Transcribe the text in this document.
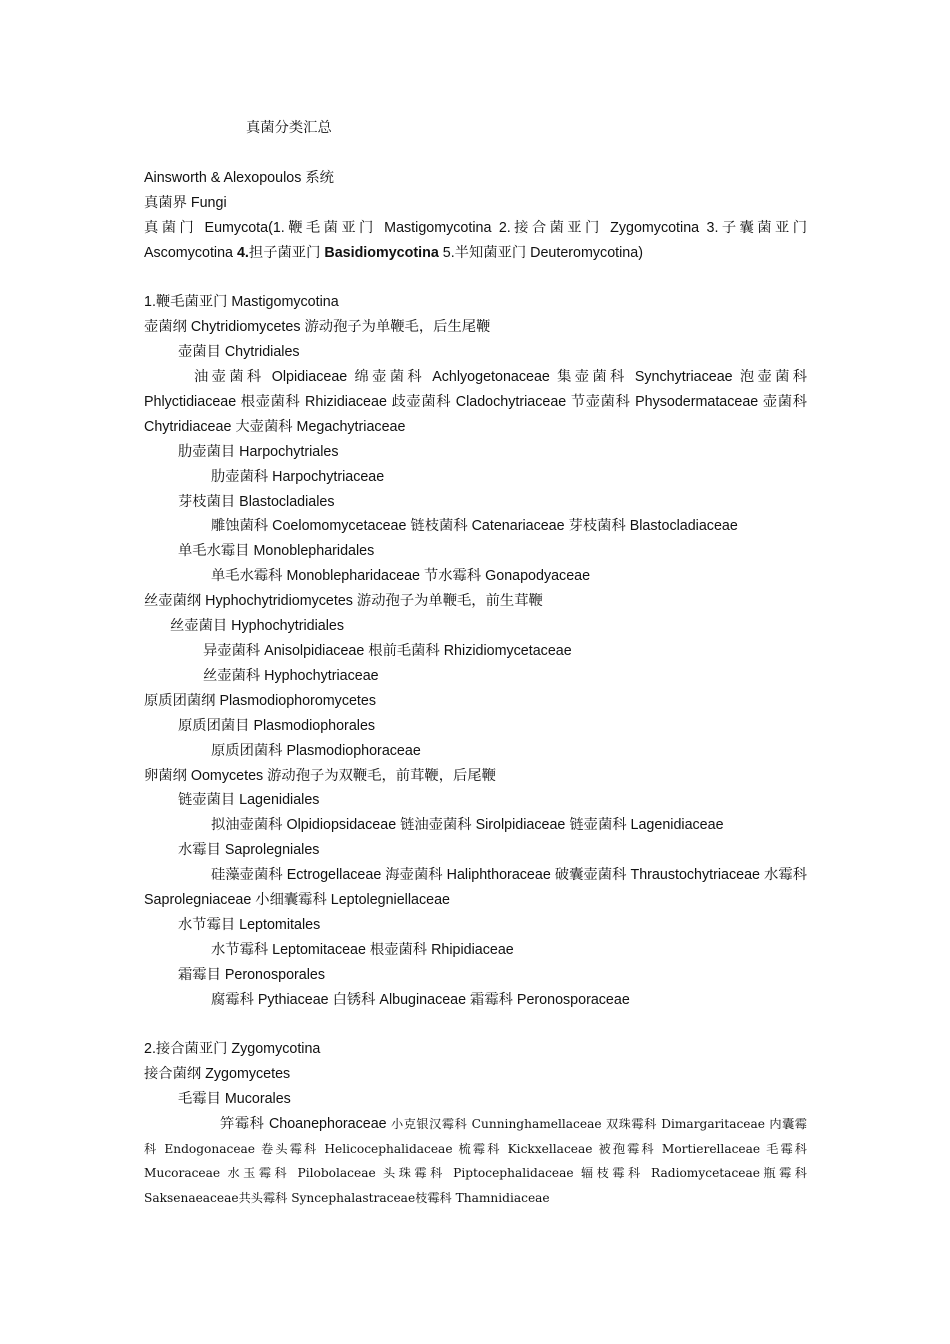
真菌分类汇总
Ainsworth & Alexopoulos 系统
真菌界 Fungi
真菌门 Eumycota(1.鞭毛菌亚门 Mastigomycotina 2.接合菌亚门 Zygomycotina 3.子囊菌亚门 Ascomycotina 4.担子菌亚门 Basidiomycotina 5.半知菌亚门 Deuteromycotina)
1.鞭毛菌亚门 Mastigomycotina
壶菌纲 Chytridiomycetes 游动孢子为单鞭毛，后生尾鞭
壶菌目 Chytridiales
油壶菌科 Olpidiaceae 绵壶菌科 Achlyogetonaceae 集壶菌科 Synchytriaceae 泡壶菌科 Phlyctidiaceae 根壶菌科 Rhizidiaceae 歧壶菌科 Cladochytriaceae 节壶菌科 Physodermataceae 壶菌科 Chytridiaceae 大壶菌科 Megachytriaceae
肋壶菌目 Harpochytriales
肋壶菌科 Harpochytriaceae
芽枝菌目 Blastocladiales
雕蚀菌科 Coelomomycetaceae 链枝菌科 Catenariaceae 芽枝菌科 Blastocladiaceae
单毛水霉目 Monoblepharidales
单毛水霉科 Monoblepharidaceae 节水霉科 Gonapodyaceae
丝壶菌纲 Hyphochytridiomycetes 游动孢子为单鞭毛，前生茸鞭
丝壶菌目 Hyphochytridiales
异壶菌科 Anisolpidiaceae 根前毛菌科 Rhizidiomycetaceae
丝壶菌科 Hyphochytriaceae
原质团菌纲 Plasmodiophoromycetes
原质团菌目 Plasmodiophorales
原质团菌科 Plasmodiophoraceae
卵菌纲 Oomycetes 游动孢子为双鞭毛，前茸鞭，后尾鞭
链壶菌目 Lagenidiales
拟油壶菌科 Olpidiopsidaceae 链油壶菌科 Sirolpidiaceae 链壶菌科 Lagenidiaceae
水霉目 Saprolegniales
硅藻壶菌科 Ectrogellaceae 海壶菌科 Haliphthoraceae 破囊壶菌科 Thraustochytriaceae 水霉科 Saprolegniaceae 小细囊霉科 Leptolegniellaceae
水节霉目 Leptomitales
水节霉科 Leptomitaceae 根壶菌科 Rhipidiaceae
霜霉目 Peronosporales
腐霉科 Pythiaceae 白锈科 Albuginaceae 霜霉科 Peronosporaceae
2.接合菌亚门 Zygomycotina
接合菌纲 Zygomycetes
毛霉目 Mucorales
笄霉科 Choanephoraceae 小克银汉霉科 Cunninghamellaceae 双珠霉科 Dimargaritaceae 内囊霉科 Endogonaceae 卷头霉科 Helicocephalidaceae 梳霉科 Kickxellaceae 被孢霉科 Mortierellaceae 毛霉科 Mucoraceae 水玉霉科 Pilobolaceae 头珠霉科 Piptocephalidaceae 辐枝霉科 Radiomycetaceae瓶霉科 Saksenaeaceae共头霉科 Syncephalastraceae枝霉科 Thamnidiaceae
